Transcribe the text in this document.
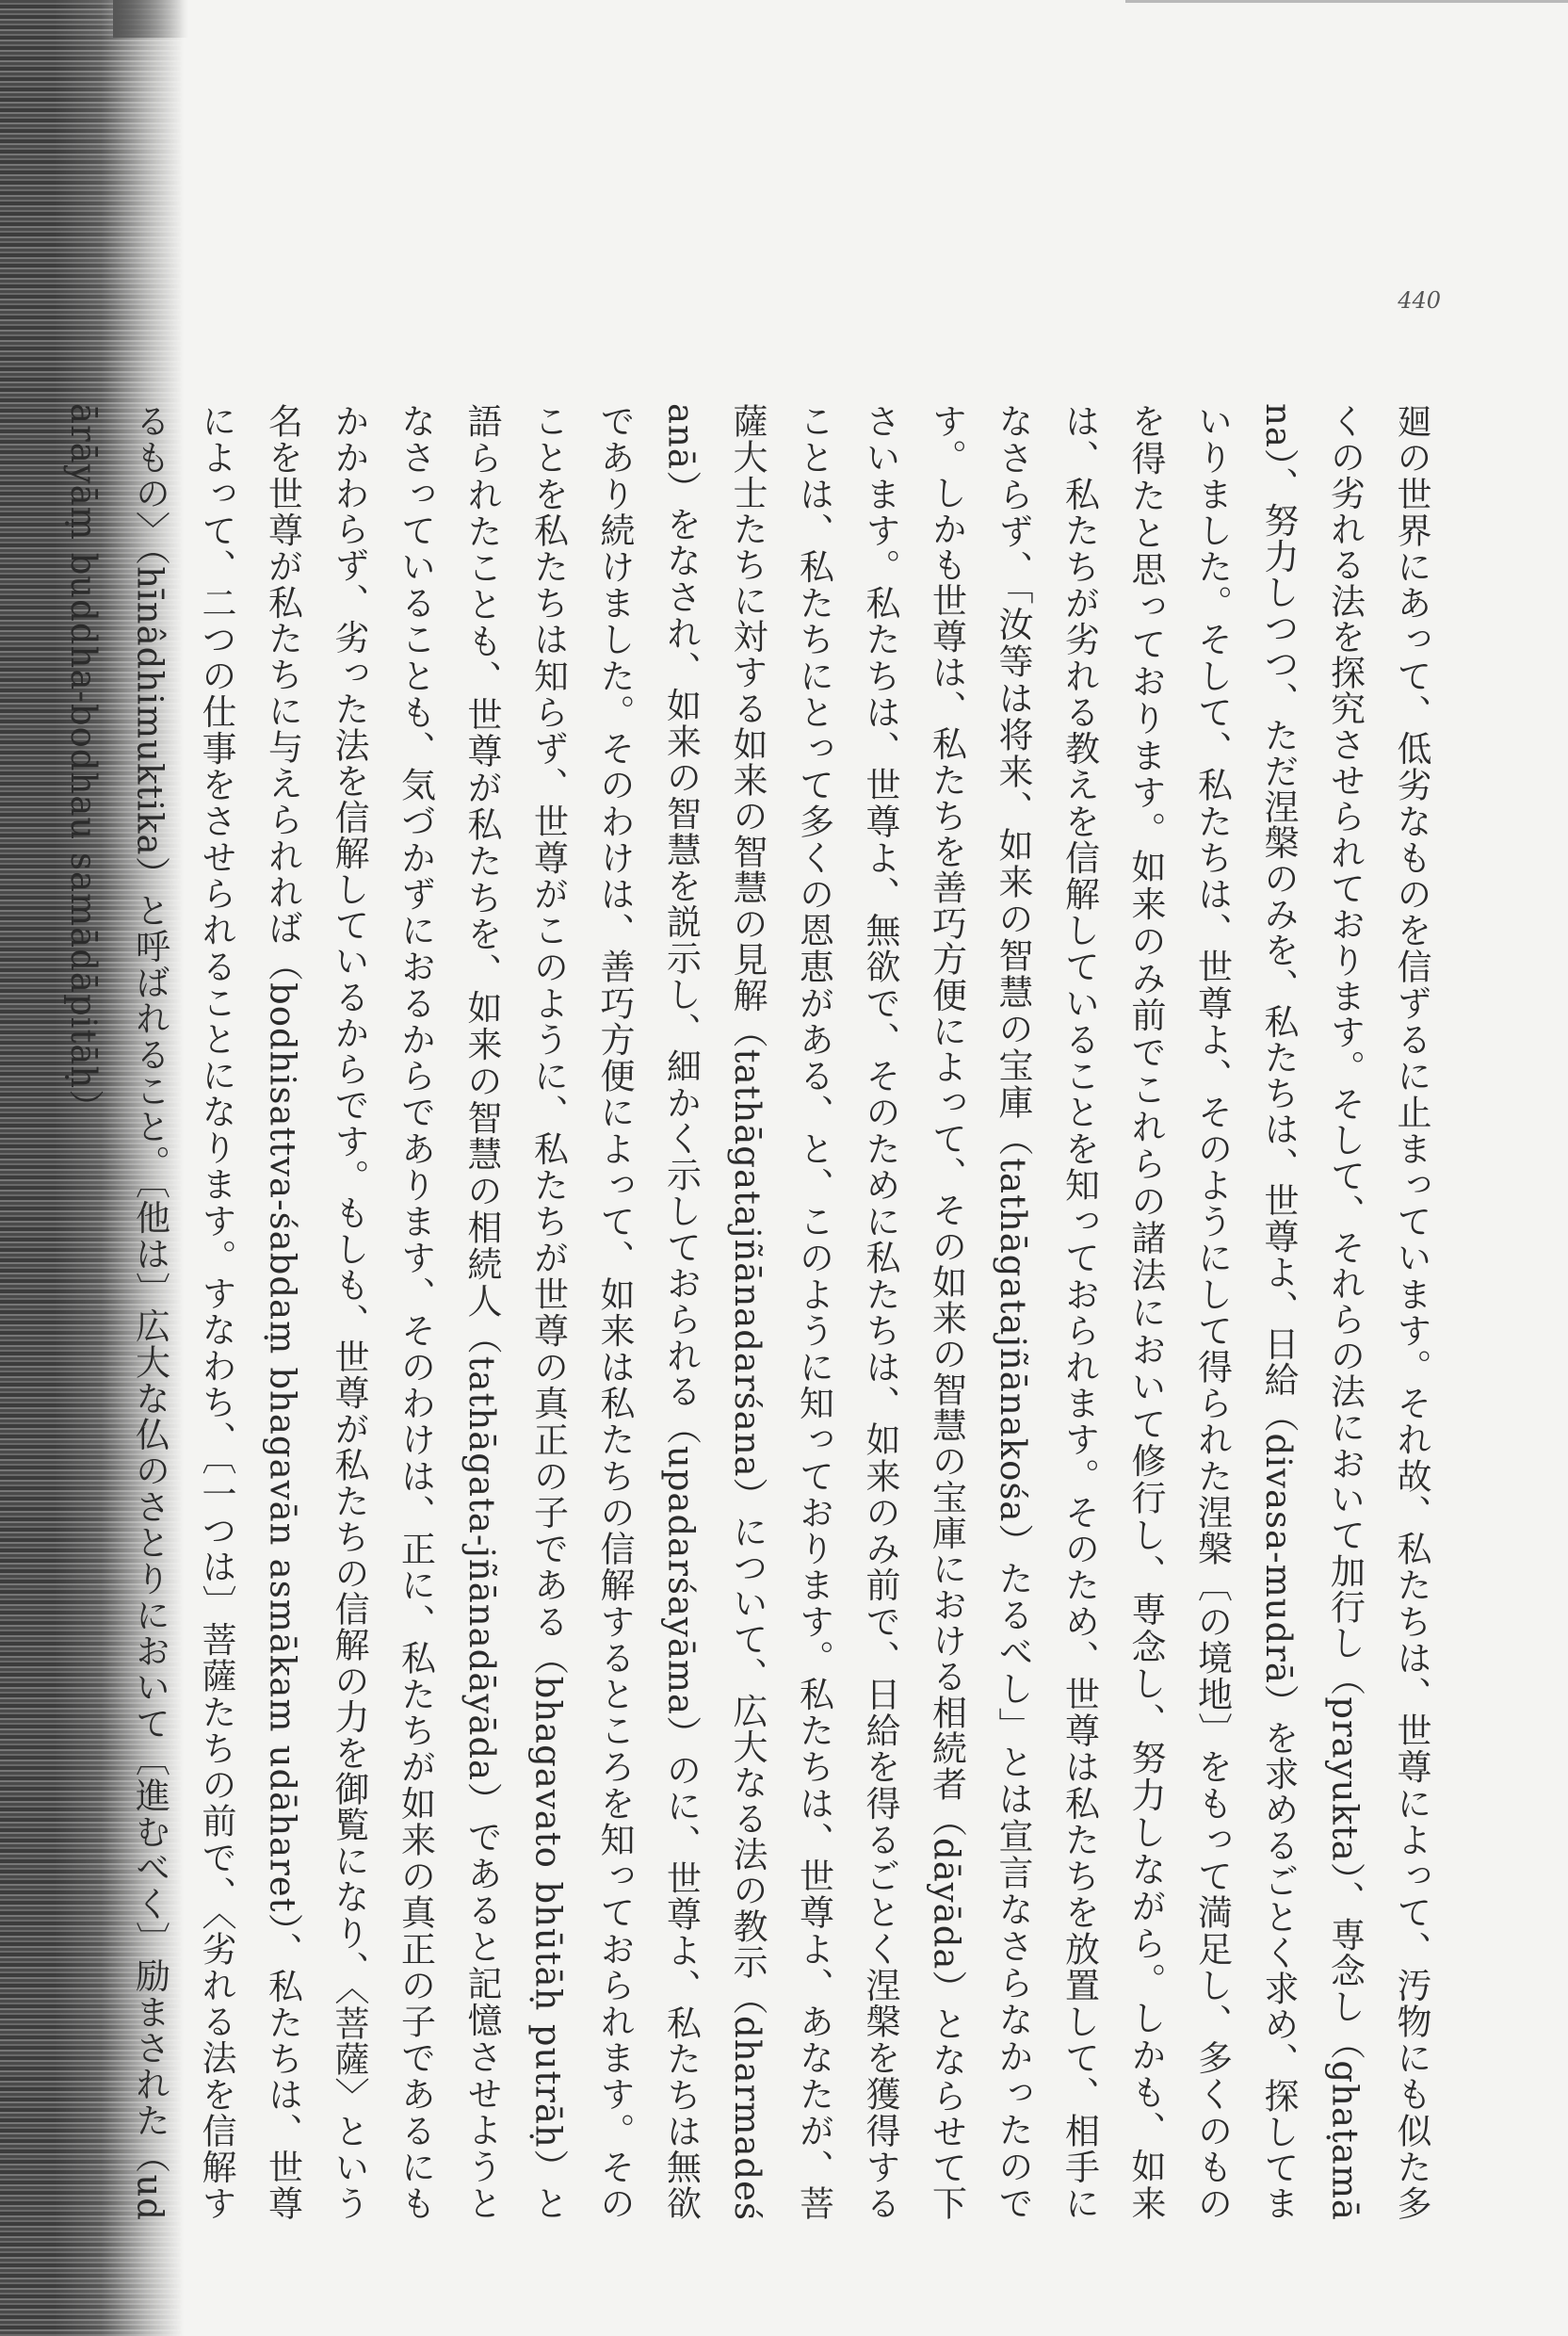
440
廻の世界にあって、低劣なものを信ずるに止まっています。それ故、私たちは、世尊によって、汚物にも似た多くの劣れる法を探究させられております。そして、それらの法において加行し（prayukta）、専念し（ghaṭamāna）、努力しつつ、ただ涅槃のみを、私たちは、世尊よ、日給（divasa-mudrā）を求めるごとく求め、探してまいりました。そして、私たちは、世尊よ、そのようにして得られた涅槃〔の境地〕をもって満足し、多くのものを得たと思っております。如来のみ前でこれらの諸法において修行し、専念し、努力しながら。しかも、如来は、私たちが劣れる教えを信解していることを知っておられます。そのため、世尊は私たちを放置して、相手になさらず、「汝等は将来、如来の智慧の宝庫（tathāgatajñānakośa）たるべし」とは宣言なさらなかったのです。しかも世尊は、私たちを善巧方便によって、その如来の智慧の宝庫における相続者（dāyāda）とならせて下さいます。私たちは、世尊よ、無欲で、そのために私たちは、如来のみ前で、日給を得るごとく涅槃を獲得することは、私たちにとって多くの恩恵がある、と、このように知っております。私たちは、世尊よ、あなたが、菩薩大士たちに対する如来の智慧の見解（tathāgatajñānadarśana）について、広大なる法の教示（dharmadeśanā）をなされ、如来の智慧を説示し、細かく示しておられる（upadarśayāma）のに、世尊よ、私たちは無欲であり続けました。そのわけは、善巧方便によって、如来は私たちの信解するところを知っておられます。そのことを私たちは知らず、世尊がこのように、私たちが世尊の真正の子である（bhagavato bhūtāḥ putrāḥ）と語られたことも、世尊が私たちを、如来の智慧の相続人（tathāgata-jñānadāyāda）であると記憶させようとなさっていることも、気づかずにおるからであります、そのわけは、正に、私たちが如来の真正の子であるにもかかわらず、劣った法を信解しているからです。もしも、世尊が私たちの信解の力を御覧になり、〈菩薩〉という名を世尊が私たちに与えられれば（bodhisattva-śabdaṃ bhagavān asmākam udāharet）、私たちは、世尊によって、二つの仕事をさせられることになります。すなわち、〔一つは〕菩薩たちの前で、〈劣れる法を信解するもの〉（hīnâdhimuktika）と呼ばれること。〔他は〕広大な仏のさとりにおいて〔進むべく〕励まされた（udārāyāṃ buddha-bodhau samādāpitāḥ）
